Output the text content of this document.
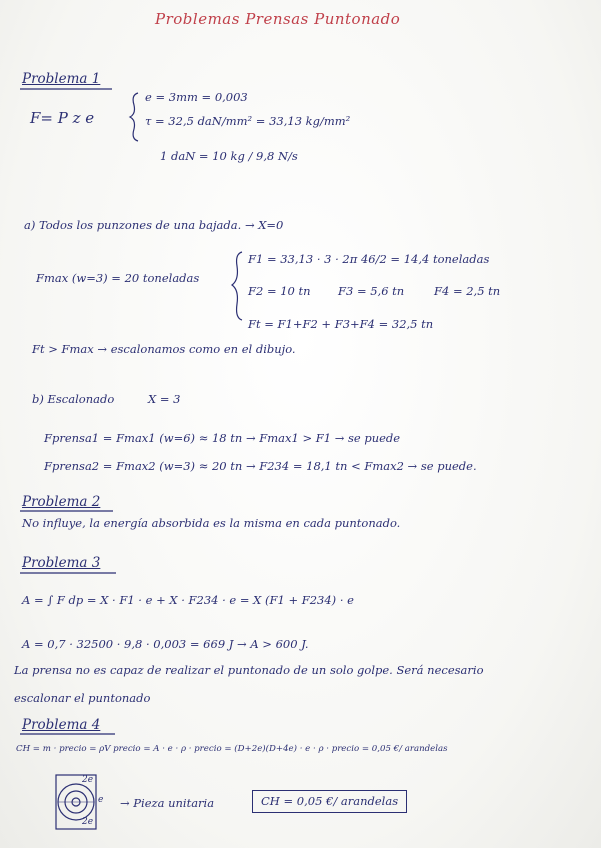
Problemas Prensas Puntonado
Problema 1
F= P z e
e = 3mm = 0,003
τ = 32,5 daN/mm² = 33,13 kg/mm²
1 daN = 10 kg / 9,8 N/s
a) Todos los punzones de una bajada. → X=0
Fmax (w=3) = 20 toneladas
F1 = 33,13 · 3 · 2π 46/2 = 14,4 toneladas
F2 = 10 tn F3 = 5,6 tn	F4 = 2,5 tn
Ft = F1+F2 + F3+F4 = 32,5 tn
Ft > Fmax → escalonamos como en el dibujo.
b) Escalonado	X = 3
Fprensa1 = Fmax1 (w=6) ≈ 18 tn → Fmax1 > F1 → se puede
Fprensa2 = Fmax2 (w=3) ≈ 20 tn → F234 = 18,1 tn < Fmax2 → se puede.
Problema 2
No influye, la energía absorbida es la misma en cada puntonado.
Problema 3
A = ∫ F dp = X · F1 · e + X · F234 · e = X (F1 + F234) · e
A = 0,7 · 32500 · 9,8 · 0,003 = 669 J → A > 600 J.
La prensa no es capaz de realizar el puntonado de un solo golpe. Será necesario
escalonar el puntonado
Problema 4
CH = m · precio = ρV precio = A · e · ρ · precio = (D+2e)(D+4e) · e · ρ · precio = 0,05 €/ arandelas
2e
e
2e
→ Pieza unitaria	CH = 0,05 €/ arandelas
